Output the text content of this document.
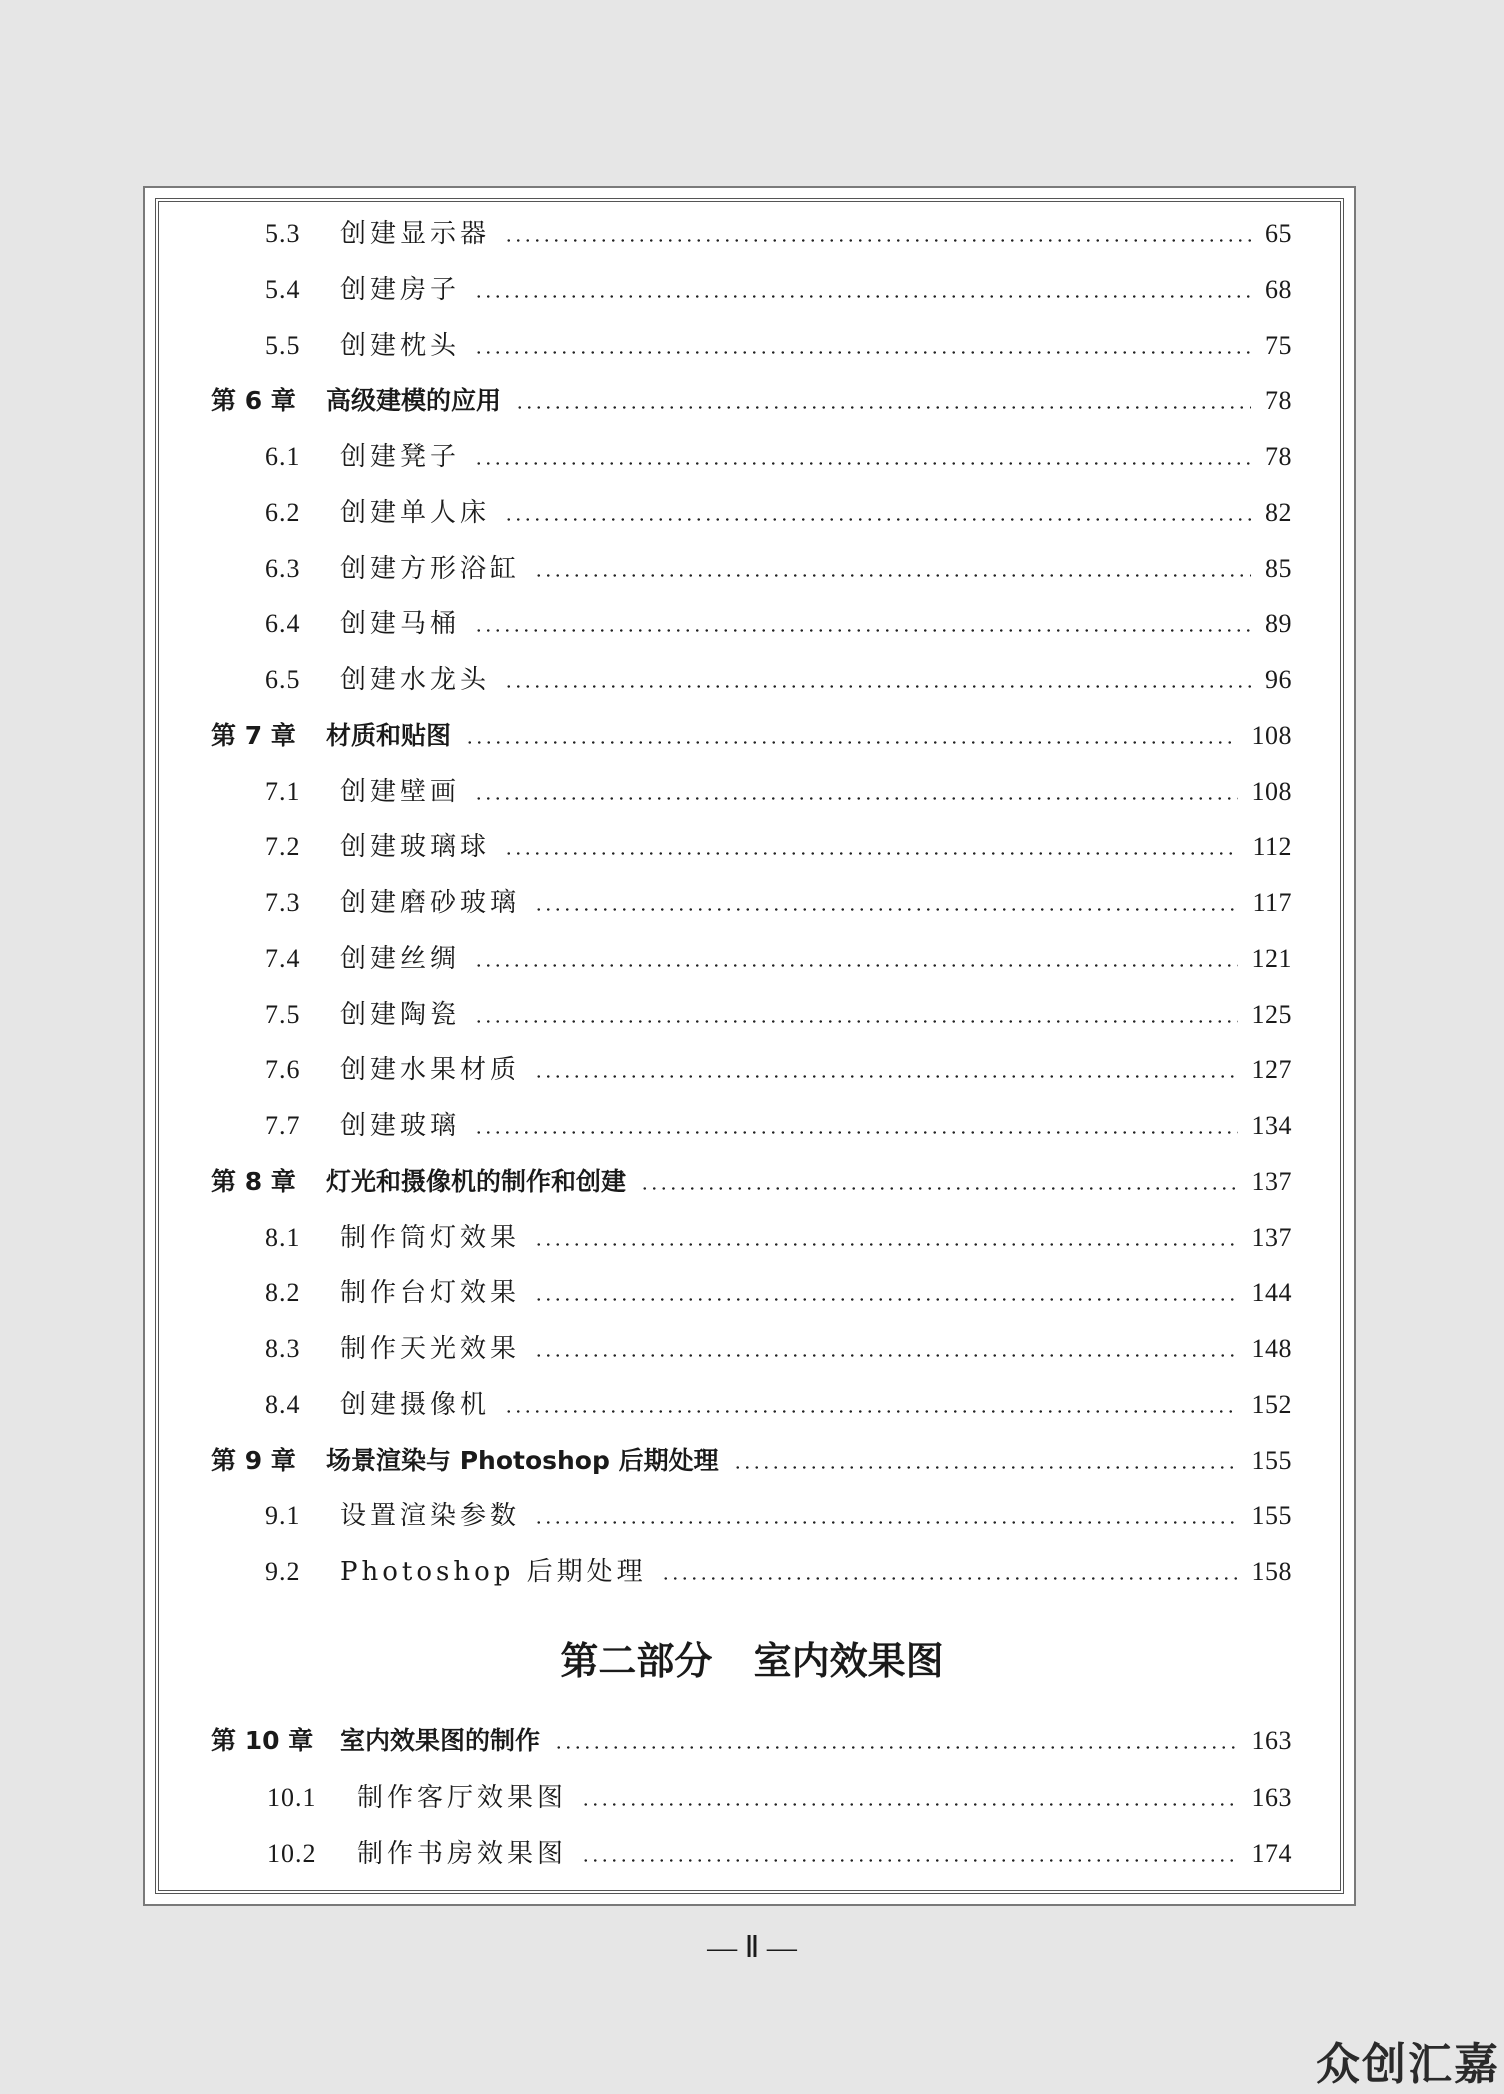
5.3 创建显示器	65
5.4 创建房子	68
5.5 创建枕头	75
第 6 章 高级建模的应用	78
6.1 创建凳子	78
6.2 创建单人床	82
6.3 创建方形浴缸	85
6.4 创建马桶	89
6.5 创建水龙头	96
第 7 章 材质和贴图	108
7.1 创建壁画	108
7.2 创建玻璃球	112
7.3 创建磨砂玻璃	117
7.4 创建丝绸	121
7.5 创建陶瓷	125
7.6 创建水果材质	127
7.7 创建玻璃	134
第 8 章 灯光和摄像机的制作和创建	137
8.1 制作筒灯效果	137
8.2 制作台灯效果	144
8.3 制作天光效果	148
8.4 创建摄像机	152
第 9 章 场景渲染与 Photoshop 后期处理	155
9.1 设置渲染参数	155
9.2 Photoshop 后期处理	158
第二部分 室内效果图
第 10 章 室内效果图的制作	163
10.1 制作客厅效果图	163
10.2 制作书房效果图	174
— Ⅱ —
众创汇嘉
